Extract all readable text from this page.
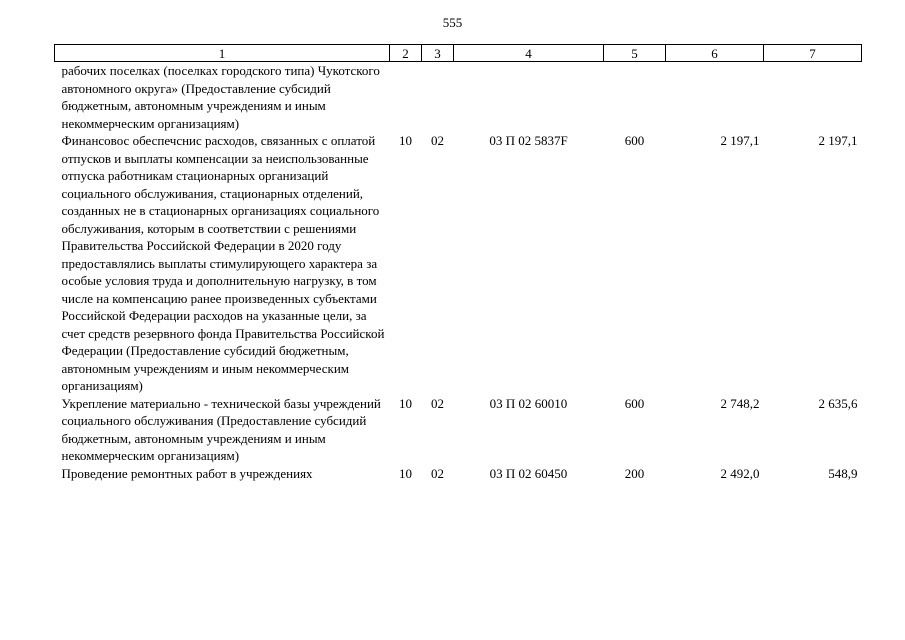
555
1	2	3	4	5	6	7
рабочих поселках (поселках городского типа) Чукотского автономного округа» (Предоставление субсидий бюджетным, автономным учреждениям и иным некоммерческим организациям)						
Финансовос обеспечснис расходов, связанных с оплатой отпусков и выплаты компенсации за неиспользованные отпуска работникам стационарных организаций социального обслуживания, стационарных отделений, созданных не в стационарных организациях социального обслуживания, которым в соответствии с решениями Правительства Российской Федерации в 2020 году предоставлялись выплаты стимулирующего характера за особые условия труда и дополнительную нагрузку, в том числе на компенсацию ранее произведенных субъектами Российской Федерации расходов на указанные цели, за счет средств резервного фонда Правительства Российской Федерации (Предоставление субсидий бюджетным, автономным учреждениям и иным некоммерческим организациям)	10	02	03 П 02 5837F	600	2 197,1	2 197,1
Укрепление материально - технической базы учреждений социального обслуживания (Предоставление субсидий бюджетным, автономным учреждениям и иным некоммерческим организациям)	10	02	03 П 02 60010	600	2 748,2	2 635,6
Проведение ремонтных работ в учреждениях	10	02	03 П 02 60450	200	2 492,0	548,9
